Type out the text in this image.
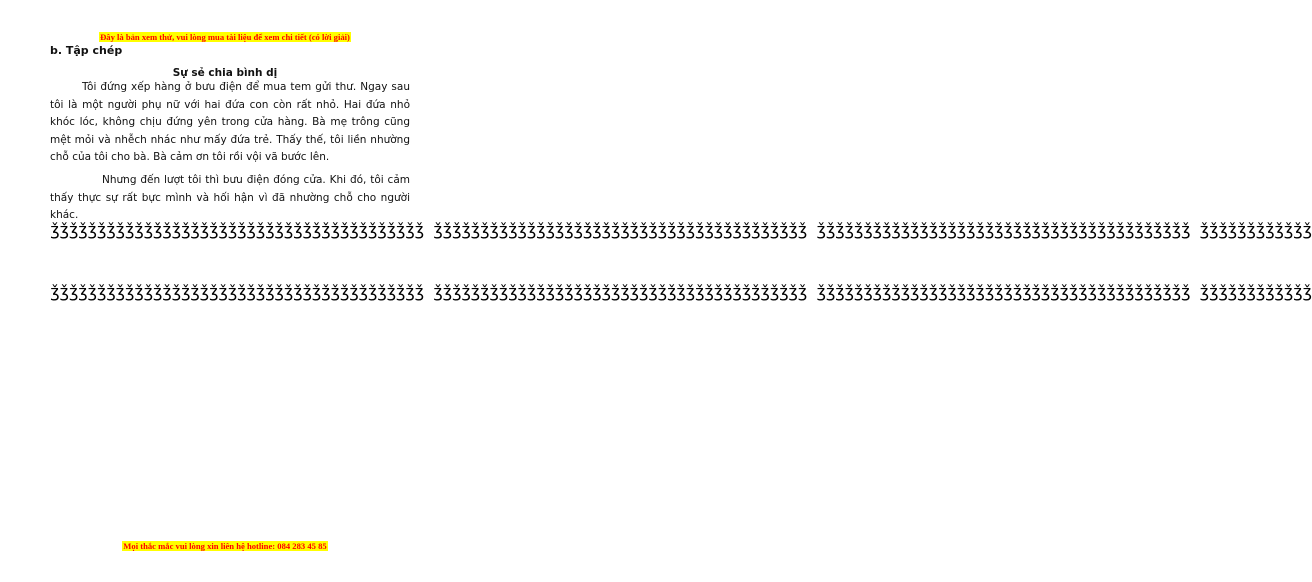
Đây là bản xem thử, vui lòng mua tài liệu để xem chi tiết (có lời giải)

b. Tập chép

Sự sẻ chia bình dị

Tôi đứng xếp hàng ở bưu điện để mua tem gửi thư. Ngay sau tôi là một người phụ nữ với hai đứa con còn rất nhỏ. Hai đứa nhỏ khóc lóc, không chịu đứng yên trong cửa hàng. Bà mẹ trông cũng mệt mỏi và nhễch nhác như mấy đứa trẻ. Thấy thế, tôi liền nhường chỗ của tôi cho bà. Bà cảm ơn tôi rồi vội vã bước lên.

Nhưng đến lượt tôi thì bưu điện đóng cửa. Khi đó, tôi cảm thấy thực sự rất bực mình và hối hận vì đã nhường chỗ cho người khác.

ǯǯǯǯǯǯǯǯǯǯǯǯǯǯǯǯǯǯǯǯǯǯǯǯǯǯǯǯǯǯǯǯǯǯǯǯǯǯǯǯ ǯǯǯǯǯǯǯǯǯǯǯǯǯǯǯǯǯǯǯǯǯǯǯǯǯǯǯǯǯǯǯǯǯǯǯǯǯǯǯǯ ǯǯǯǯǯǯǯǯǯǯǯǯǯǯǯǯǯǯǯǯǯǯǯǯǯǯǯǯǯǯǯǯǯǯǯǯǯǯǯǯ ǯǯǯǯǯǯǯǯǯǯǯǯ
ǯǯǯǯǯǯǯǯǯǯǯǯǯǯǯǯǯǯǯǯǯǯǯǯǯǯǯǯǯǯǯǯǯǯǯǯǯǯǯǯ ǯǯǯǯǯǯǯǯǯǯǯǯǯǯǯǯǯǯǯǯǯǯǯǯǯǯǯǯǯǯǯǯǯǯǯǯǯǯǯǯ ǯǯǯǯǯǯǯǯǯǯǯǯǯǯǯǯǯǯǯǯǯǯǯǯǯǯǯǯǯǯǯǯǯǯǯǯǯǯǯǯ ǯǯǯǯǯǯǯǯǯǯǯǯ
Mọi thắc mắc vui lòng xin liên hệ hotline: 084 283 45 85
